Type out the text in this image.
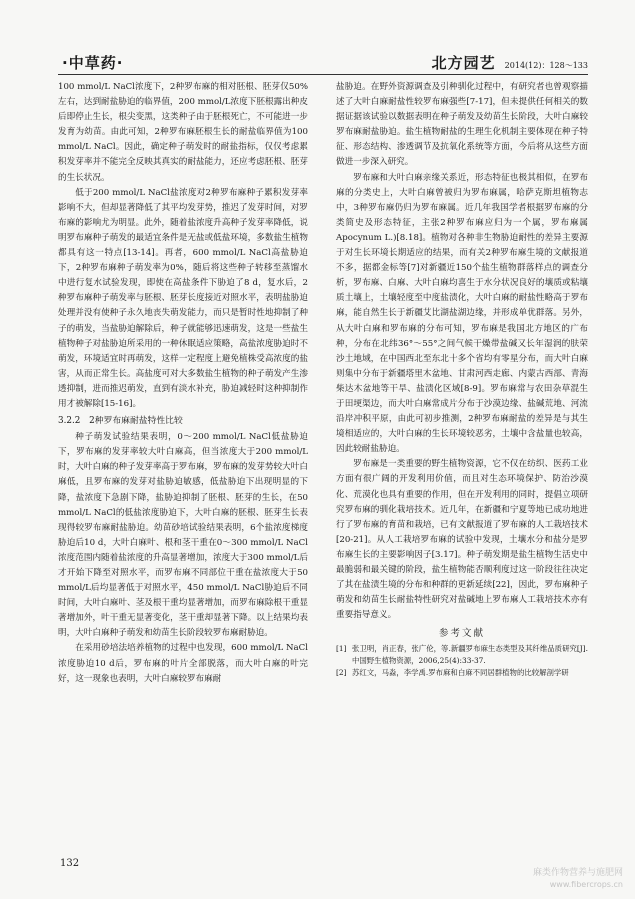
·中草药·	北方园艺 2014(12)：128～133

100 mmol/L NaCl浓度下，2种罗布麻的相对胚根、胚芽仅50%左右，达到耐盐胁迫的临界值，200 mmol/L浓度下胚根露出种皮后即停止生长，根尖变黑，这类种子由于胚根死亡，不可能进一步发育为幼苗。由此可知，2种罗布麻胚根生长的耐盐临界值为100 mmol/L NaCl。因此，确定种子萌发时的耐盐指标，仅仅考虑累积发芽率并不能完全反映其真实的耐盐能力，还应考虑胚根、胚芽的生长状况。

低于200 mmol/L NaCl盐浓度对2种罗布麻种子累积发芽率影响不大，但却显著降低了其平均发芽势，推迟了发芽时间，对罗布麻的影响尤为明显。此外，随着盐浓度升高种子发芽率降低，说明罗布麻种子萌发的最适宜条件是无盐或低盐环境，多数盐生植物都具有这一特点[13-14]。再者，600 mmol/L NaCl高盐胁迫下，2种罗布麻种子萌发率为0%，随后将这些种子转移至蒸馏水中进行复水试验发现，即使在高盐条件下胁迫了8 d，复水后，2种罗布麻种子萌发率与胚根、胚芽长度接近对照水平，表明盐胁迫处理并没有使种子永久地丧失萌发能力，而只是暂时性地抑制了种子的萌发，当盐胁迫解除后，种子就能够迅速萌发，这是一些盐生植物种子对盐胁迫所采用的一种休眠适应策略，高盐浓度胁迫时不萌发，环境适宜时再萌发，这样一定程度上避免植株受高浓度的盐害，从而正常生长。高盐度可对大多数盐生植物的种子萌发产生渗透抑制，进而推迟萌发，直到有淡水补充，胁迫减轻时这种抑制作用才被解除[15-16]。

3.2.2　2种罗布麻耐盐特性比较

种子萌发试验结果表明，0～200 mmol/L NaCl低盐胁迫下，罗布麻的发芽率较大叶白麻高，但当浓度大于200 mmol/L时，大叶白麻的种子发芽率高于罗布麻，罗布麻的发芽势较大叶白麻低，且罗布麻的发芽对盐胁迫敏感，低盐胁迫下出现明显的下降，盐浓度下急剧下降，盐胁迫抑制了胚根、胚芽的生长，在50 mmol/L NaCl的低盐浓度胁迫下，大叶白麻的胚根、胚芽生长表现得较罗布麻耐盐胁迫。幼苗砂培试验结果表明，6个盐浓度梯度胁迫后10 d，大叶白麻叶、根和茎干重在0～300 mmol/L NaCl浓度范围内随着盐浓度的升高显著增加，浓度大于300 mmol/L后才开始下降至对照水平，而罗布麻不同部位干重在盐浓度大于50 mmol/L后均显著低于对照水平，450 mmol/L NaCl胁迫后不同时间，大叶白麻叶、茎及根干重均显著增加，而罗布麻除根干重显著增加外，叶干重无显著变化，茎干重却显著下降。以上结果均表明，大叶白麻种子萌发和幼苗生长阶段较罗布麻耐胁迫。

在采用砂培法培养植物的过程中也发现，600 mmol/L NaCl浓度胁迫10 d后，罗布麻的叶片全部脱落，而大叶白麻的叶完好，这一现象也表明，大叶白麻较罗布麻耐

盐胁迫。在野外资源调查及引种驯化过程中，有研究者也曾观察描述了大叶白麻耐盐性较罗布麻强些[7-17]，但未提供任何相关的数据证据该试验以数据表明在种子萌发及幼苗生长阶段，大叶白麻较罗布麻耐盐胁迫。盐生植物耐盐的生理生化机制主要体现在种子特征、形态结构、渗透调节及抗氧化系统等方面，今后将从这些方面做进一步深入研究。

罗布麻和大叶白麻亲缘关系近，形态特征也极其相似，在罗布麻的分类史上，大叶白麻曾被归为罗布麻属，哈萨克斯坦植物志中，3种罗布麻仍归为罗布麻属。近几年我国学者根据罗布麻的分类简史及形态特征，主张2种罗布麻应归为一个属，罗布麻属 Apocynum L.)[8.18]。植物对各种非生物胁迫耐性的差异主要源于对生长环境长期适应的结果，而有关2种罗布麻生境的文献报道不多，据都金标等[7]对新疆近150个盐生植物群落样点的调查分析，罗布麻、白麻、大叶白麻均喜生于水分状况良好的壤质或粘壤质土壤上，土壤轻度至中度盐渍化，大叶白麻的耐盐性略高于罗布麻，能自然生长于新疆艾比湖盐湖边缘，并形成单优群落。另外，从大叶白麻和罗布麻的分布可知，罗布麻是我国北方地区的广布种，分布在北纬36°～55°之间气候干燥带盐碱又长年湿润的肤荣沙土地域，在中国西北至东北十多个省均有零星分布，而大叶白麻则集中分布于新疆塔里木盆地、甘肃河西走廊、内蒙古西部、青海柴达木盆地等干旱、盐渍化区域[8-9]。罗布麻常与农田杂草混生于田埂渠边，而大叶白麻常成片分布于沙漠边缘、盐碱荒地、河流沿岸冲积平原，由此可初步推测，2种罗布麻耐盐的差异是与其生境相适应的，大叶白麻的生长环境较恶劣，土壤中含盐量也较高，因此较耐盐胁迫。

罗布麻是一类重要的野生植物资源，它不仅在纺织、医药工业方面有很广阔的开发利用价值，而且对生态环境保护、防治沙漠化、荒漠化也具有重要的作用，但在开发利用的同时，提倡立项研究罗布麻的驯化栽培技术。近几年，在新疆和宁夏等地已成功地进行了罗布麻的育苗和栽培，已有文献报道了罗布麻的人工栽培技术[20-21]。从人工栽培罗布麻的试验中发现，土壤水分和盐分是罗布麻生长的主要影响因子[3.17]。种子萌发期是盐生植物生活史中最脆弱和最关键的阶段，盐生植物能否顺利度过这一阶段往往决定了其在盐渍生境的分布和种群的更新延续[22]，因此，罗布麻种子萌发和幼苗生长耐盐特性研究对盐碱地上罗布麻人工栽培技术亦有重要指导意义。

参考文献
[1] 张卫明，肖正春，张广伦，等.新疆罗布麻生态类型及其纤维品质研究[J].中国野生植物资源，2006,25(4):33-37.
[2] 苏红文，马淼，李学禹.罗布麻和白麻不同居群植物的比较解剖学研
132
麻类作物营养与施肥网
www.fibercrops.cn
